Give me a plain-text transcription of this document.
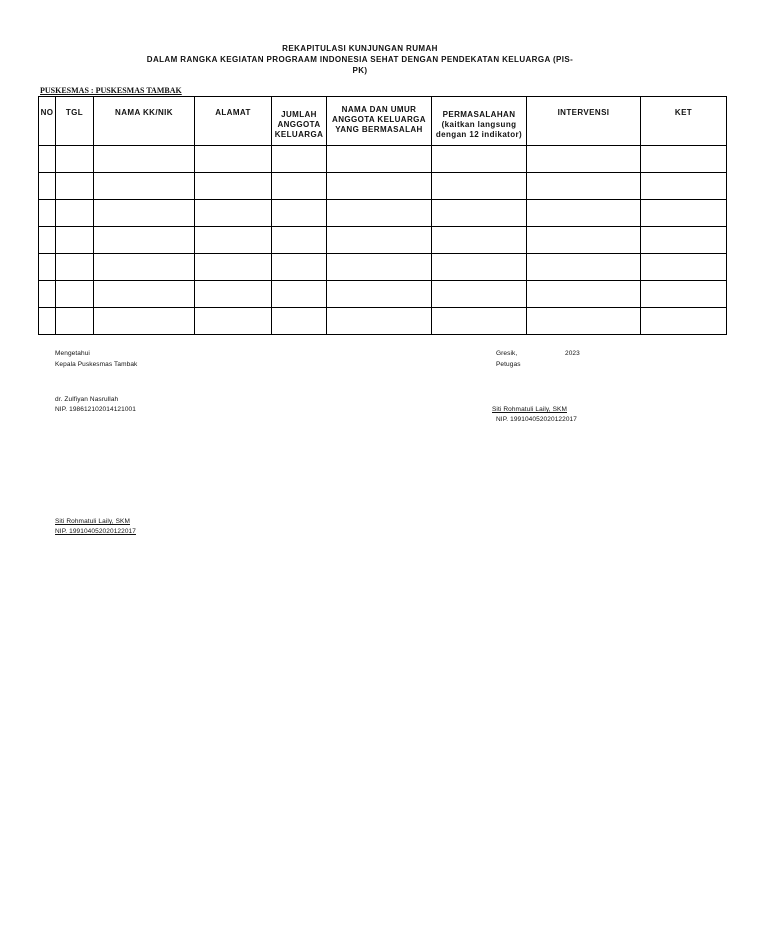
REKAPITULASI KUNJUNGAN RUMAH
DALAM RANGKA KEGIATAN PROGRAAM INDONESIA SEHAT DENGAN PENDEKATAN KELUARGA (PIS-
PK)
PUSKESMAS : PUSKESMAS TAMBAK
NO	TGL	NAMA KK/NIK	ALAMAT	JUMLAH ANGGOTA KELUARGA	NAMA DAN UMUR ANGGOTA KELUARGA YANG BERMASALAH	PERMASALAHAN (kaitkan langsung dengan 12 indikator)	INTERVENSI	KET

Mengetahui
Kepala Puskesmas Tambak
dr. Zulfiyan Nasrullah
NIP. 198612102014121001
Gresik,	2023
Petugas
Siti Rohmatuli Laily, SKM
NIP. 199104052020122017
Siti Rohmatuli Laily, SKM
NIP. 199104052020122017
